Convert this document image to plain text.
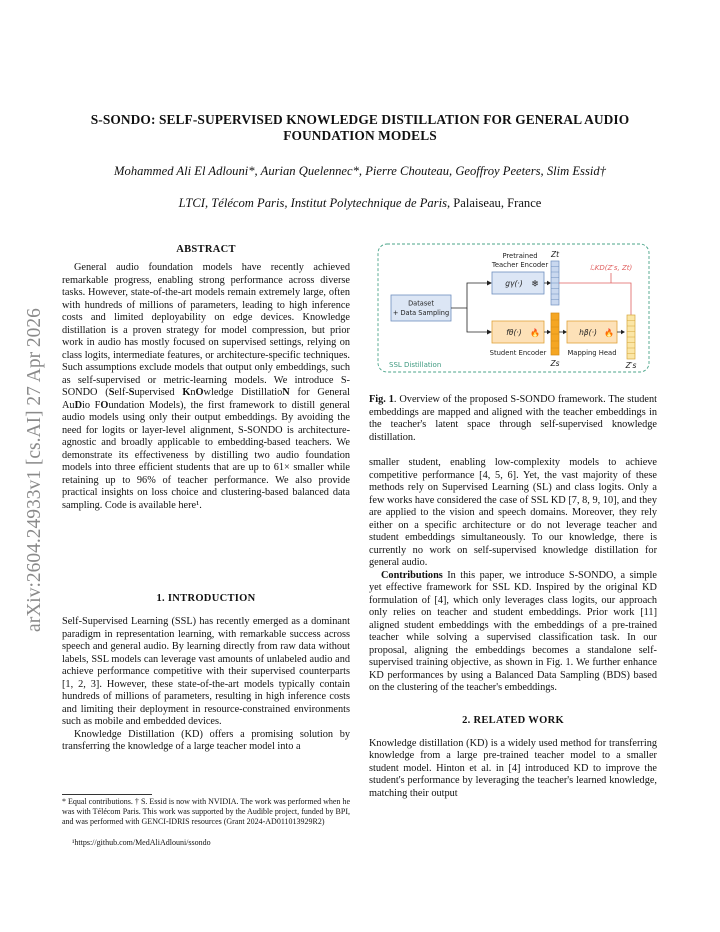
arXiv:2604.24933v1 [cs.AI] 27 Apr 2026
S-SONDO: SELF-SUPERVISED KNOWLEDGE DISTILLATION FOR GENERAL AUDIO
FOUNDATION MODELS
Mohammed Ali El Adlouni*, Aurian Quelennec*, Pierre Chouteau, Geoffroy Peeters, Slim Essid†
LTCI, Télécom Paris, Institut Polytechnique de Paris, Palaiseau, France
ABSTRACT

General audio foundation models have recently achieved remarkable progress, enabling strong performance across diverse tasks. However, state-of-the-art models remain extremely large, often with hundreds of millions of parameters, leading to high inference costs and limited deployability on edge devices. Knowledge distillation is a proven strategy for model compression, but prior work in audio has mostly focused on supervised settings, relying on class logits, intermediate features, or architecture-specific techniques. Such assumptions exclude models that output only embeddings, such as self-supervised or metric-learning models. We introduce S-SONDO (Self-Supervised KnOwledge DistillatioN for General AuDio FOundation Models), the first framework to distill general audio models using only their output embeddings. By avoiding the need for logits or layer-level alignment, S-SONDO is architecture-agnostic and broadly applicable to embedding-based teachers. We demonstrate its effectiveness by distilling two audio foundation models into three efficient students that are up to 61× smaller while retaining up to 96% of teacher performance. We also provide practical insights on loss choice and clustering-based balanced data sampling. Code is available here¹.

1. INTRODUCTION

Self-Supervised Learning (SSL) has recently emerged as a dominant paradigm in representation learning, with remarkable success across speech and general audio. By learning directly from raw data without labels, SSL models can leverage vast amounts of unlabeled audio and achieve performance competitive with their supervised counterparts [1, 2, 3]. However, these state-of-the-art models typically contain hundreds of millions of parameters, resulting in high inference costs and limiting their deployment in resource-constrained environments such as mobile and embedded devices.

Knowledge Distillation (KD) offers a promising solution by transferring the knowledge of a large teacher model into a

* Equal contributions. † S. Essid is now with NVIDIA. The work was performed when he was with Télécom Paris. This work was supported by the Audible project, funded by BPI, and was performed with GENCI-IDRIS resources (Grant 2024-AD011013929R2)
¹https://github.com/MedAliAdlouni/ssondo
SSL Distillation
Dataset
+ Data Sampling
Pretrained
Teacher Encoder
gγ(·) ❄
Zt
ℒKD(Z′s, Zt)
fθ(·) 🔥
Student Encoder
Zs
hβ(·) 🔥
Mapping Head
Z′s
Fig. 1. Overview of the proposed S-SONDO framework. The student embeddings are mapped and aligned with the teacher embeddings in the teacher's latent space through self-supervised knowledge distillation.

smaller student, enabling low-complexity models to achieve competitive performance [4, 5, 6]. Yet, the vast majority of these methods rely on Supervised Learning (SL) and class logits. Only a few works have considered the case of SSL KD [7, 8, 9, 10], and they are applied to the vision and speech domains. Moreover, they rely either on a specific architecture or do not leverage teacher and student embeddings simultaneously. To our knowledge, there is currently no work on self-supervised knowledge distillation for general audio.

Contributions In this paper, we introduce S-SONDO, a simple yet effective framework for SSL KD. Inspired by the original KD formulation of [4], which only leverages class logits, our approach only relies on teacher and student embeddings. Prior work [11] aligned student embeddings with the embeddings of a pre-trained teacher while solving a supervised classification task. In our proposal, aligning the embeddings becomes a standalone self-supervised training objective, as shown in Fig. 1. We further enhance KD performances by using a Balanced Data Sampling (BDS) based on the clustering of the teacher's embeddings.

2. RELATED WORK

Knowledge distillation (KD) is a widely used method for transferring knowledge from a large pre-trained teacher model to a smaller student model. Hinton et al. in [4] introduced KD to improve the student's performance by leveraging the teacher's learned knowledge, matching their output
